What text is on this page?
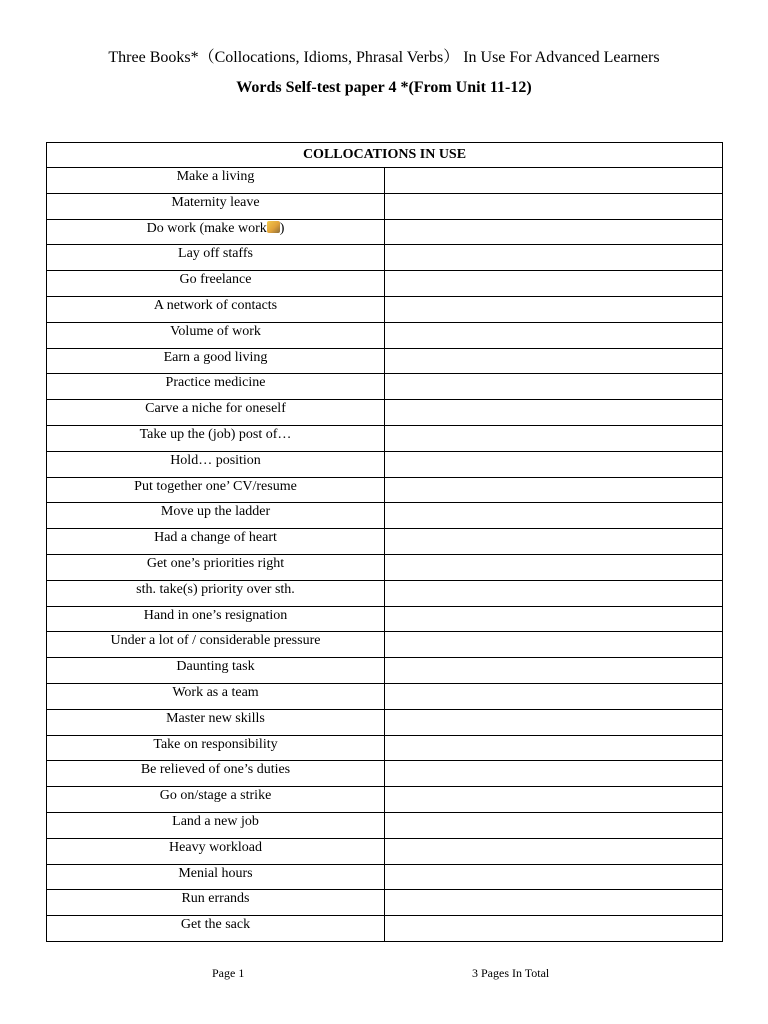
Three Books*（Collocations, Idioms, Phrasal Verbs） In Use For Advanced Learners
Words Self-test paper 4 *(From Unit 11-12)
COLLOCATIONS IN USE	
Make a living	
Maternity leave	
Do work (make work )	
Lay off staffs	
Go freelance	
A network of contacts	
Volume of work	
Earn a good living	
Practice medicine	
Carve a niche for oneself	
Take up the (job) post of…	
Hold… position	
Put together one’ CV/resume	
Move up the ladder	
Had a change of heart	
Get one’s priorities right	
sth. take(s) priority over sth.	
Hand in one’s resignation	
Under a lot of / considerable pressure	
Daunting task	
Work as a team	
Master new skills	
Take on responsibility	
Be relieved of one’s duties	
Go on/stage a strike	
Land a new job	
Heavy workload	
Menial hours	
Run errands	
Get the sack	
Page 1	3 Pages In Total
